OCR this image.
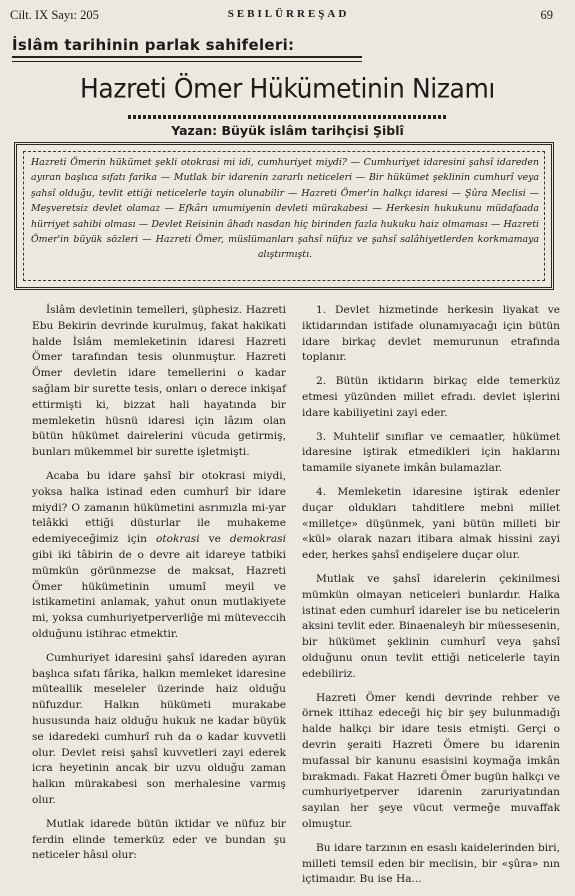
Cilt. IX Sayı: 205	SEBILÜRREŞAD	69
İslâm tarihinin parlak sahifeleri:
Hazreti Ömer Hükümetinin Nizamı
Yazan: Büyük islâm tarihçisi Şiblî
Hazreti Ömerin hükümet şekli otokrasi mi idi, cumhuriyet miydi? — Cumhuriyet idaresini şahsî idareden ayıran başlıca sıfatı farika — Mutlak bir idarenin zararlı neticeleri — Bir hükümet şeklinin cumhurî veya şahsî olduğu, tevlit ettiği neticelerle tayin olunabilir — Hazreti Ömer'in halkçı idaresi — Şûra Meclisi — Meşveretsiz devlet olamaz — Efkârı umumiyenin devleti mürakabesi — Herkesin hukukunu müdafaada hürriyet sahibi olması — Devlet Reisinin âhadı nasdan hiç birinden fazla hukuku haiz olmaması — Hazreti Ömer'in büyük sözleri — Hazreti Ömer, müslümanları şahsî nüfuz ve şahsî salâhiyetlerden korkmamaya alıştırmıştı.

İslâm devletinin temelleri, şüphesiz. Hazreti Ebu Bekirin devrinde kurulmuş, fakat hakikati halde İslâm memleketinin idaresi Hazreti Ömer tarafından tesis olunmuştur. Hazreti Ömer devletin idare temellerini o kadar sağlam bir surette tesis, onları o derece inkişaf ettirmişti ki, bizzat hali hayatında bir memleketin hüsnü idaresi için lâzım olan bütün hükümet dairelerini vücuda getirmiş, bunları mükemmel bir surette işletmişti.

Acaba bu idare şahsî bir otokrasi miydi, yoksa halka istinad eden cumhurî bir idare miydi? O zamanın hükümetini asrımızla mi-yar telâkki ettiği düsturlar ile muhakeme edemiyeceğimiz için otokrasi ve demokrasi gibi iki tâbirin de o devre ait idareye tatbiki mümkün görünmezse de maksat, Hazreti Ömer hükümetinin umumî meyil ve istikametini anlamak, yahut onun mutlakiyete mi, yoksa cumhuriyetperverliğe mi müteveccih olduğunu istihrac etmektir.

Cumhuriyet idaresini şahsî idareden ayıran başlıca sıfatı fârika, halkın memleket idaresine müteallik meseleler üzerinde haiz olduğu nüfuzdur. Halkın hükümeti murakabe hususunda haiz olduğu hukuk ne kadar büyük se idaredeki cumhurî ruh da o kadar kuvvetli olur. Devlet reisi şahsî kuvvetleri zayi ederek icra heyetinin ancak bir uzvu olduğu zaman halkın mürakabesi son merhalesine varmış olur.

Mutlak idarede bütün iktidar ve nüfuz bir ferdin elinde temerküz eder ve bundan şu neticeler hâsıl olur:

1. Devlet hizmetinde herkesin liyakat ve iktidarından istifade olunamıyacağı için bütün idare birkaç devlet memurunun etrafında toplanır.

2. Bütün iktidarın birkaç elde temerküz etmesi yüzünden millet efradı. devlet işlerini idare kabiliyetini zayi eder.

3. Muhtelif sınıflar ve cemaatler, hükümet idaresine iştirak etmedikleri için haklarını tamamile siyanete imkân bulamazlar.

4. Memleketin idaresine iştirak edenler duçar oldukları tahditlere mebni millet «milletçe» düşünmek, yani bütün milleti bir «kül» olarak nazarı itibara almak hissini zayi eder, herkes şahsî endişelere duçar olur.

Mutlak ve şahsî idarelerin çekinilmesi mümkün olmayan neticeleri bunlardır. Halka istinat eden cumhurî idareler ise bu neticelerin aksini tevlit eder. Binaenaleyh bir müessesenin, bir hükümet şeklinin cumhurî veya şahsî olduğunu onun tevlit ettiği neticelerle tayin edebiliriz.

Hazreti Ömer kendi devrinde rehber ve örnek ittihaz edeceği hiç bir şey bulunmadığı halde halkçı bir idare tesis etmişti. Gerçi o devrin şeraiti Hazreti Ömere bu idarenin mufassal bir kanunu esasisini koymağa imkân bırakmadı. Fakat Hazreti Ömer bugün halkçı ve cumhuriyetperver idarenin zaruriyatından sayılan her şeye vücut vermeğe muvaffak olmuştur.

Bu idare tarzının en esaslı kaidelerinden biri, milleti temsil eden bir meclisin, bir «şûra» nın içtimaıdır. Bu ise Ha...
